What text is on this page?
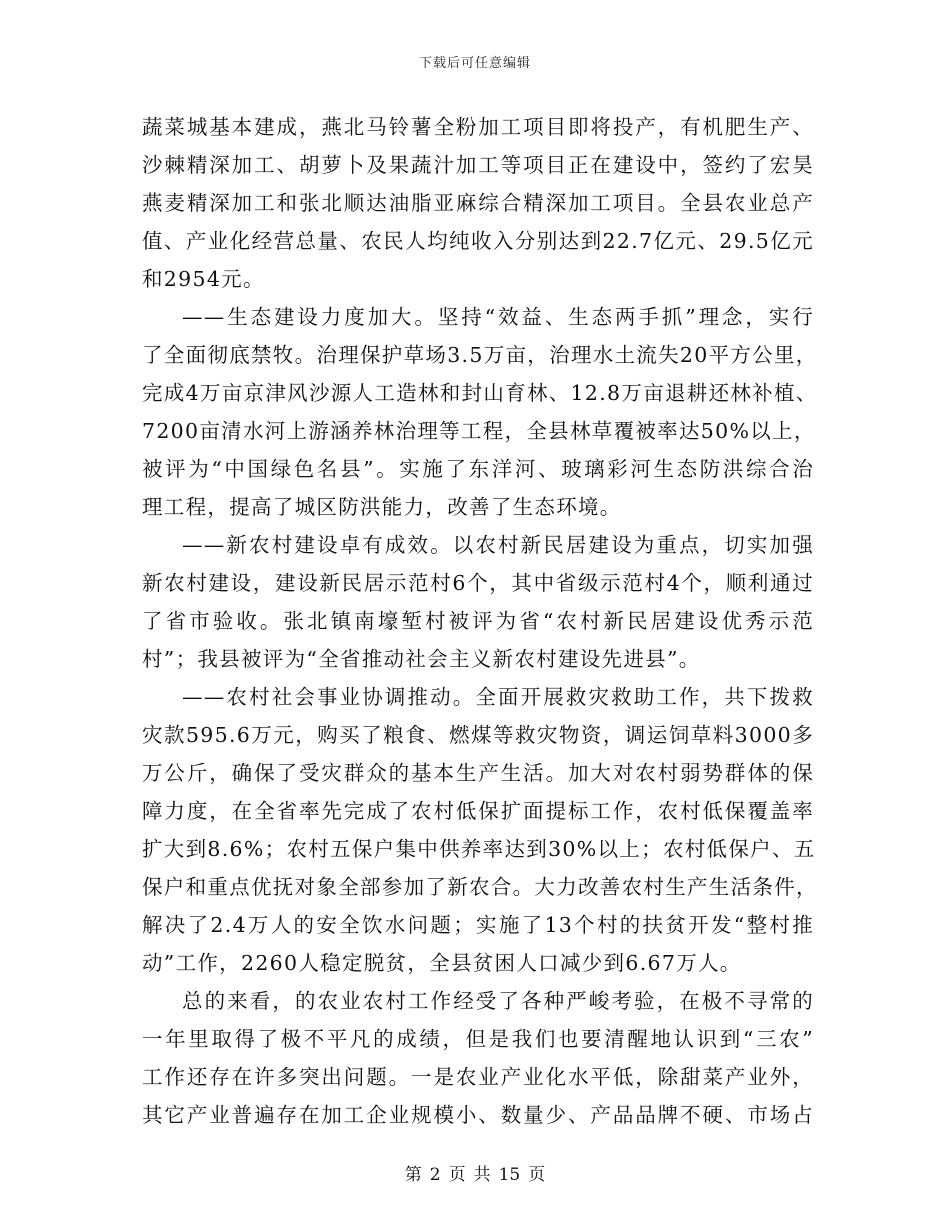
下载后可任意编辑
蔬菜城基本建成，燕北马铃薯全粉加工项目即将投产，有机肥生产、
沙棘精深加工、胡萝卜及果蔬汁加工等项目正在建设中，签约了宏昊
燕麦精深加工和张北顺达油脂亚麻综合精深加工项目。全县农业总产
值、产业化经营总量、农民人均纯收入分别达到22.7亿元、29.5亿元
和2954元。
——生态建设力度加大。坚持“效益、生态两手抓”理念，实行
了全面彻底禁牧。治理保护草场3.5万亩，治理水土流失20平方公里，
完成4万亩京津风沙源人工造林和封山育林、12.8万亩退耕还林补植、
7200亩清水河上游涵养林治理等工程，全县林草覆被率达50%以上，
被评为“中国绿色名县”。实施了东洋河、玻璃彩河生态防洪综合治
理工程，提高了城区防洪能力，改善了生态环境。
——新农村建设卓有成效。以农村新民居建设为重点，切实加强
新农村建设，建设新民居示范村6个，其中省级示范村4个，顺利通过
了省市验收。张北镇南壕堑村被评为省“农村新民居建设优秀示范
村”；我县被评为“全省推动社会主义新农村建设先进县”。
——农村社会事业协调推动。全面开展救灾救助工作，共下拨救
灾款595.6万元，购买了粮食、燃煤等救灾物资，调运饲草料3000多
万公斤，确保了受灾群众的基本生产生活。加大对农村弱势群体的保
障力度，在全省率先完成了农村低保扩面提标工作，农村低保覆盖率
扩大到8.6%；农村五保户集中供养率达到30%以上；农村低保户、五
保户和重点优抚对象全部参加了新农合。大力改善农村生产生活条件，
解决了2.4万人的安全饮水问题；实施了13个村的扶贫开发“整村推
动”工作，2260人稳定脱贫，全县贫困人口减少到6.67万人。
总的来看，的农业农村工作经受了各种严峻考验，在极不寻常的
一年里取得了极不平凡的成绩，但是我们也要清醒地认识到“三农”
工作还存在许多突出问题。一是农业产业化水平低，除甜菜产业外，
其它产业普遍存在加工企业规模小、数量少、产品品牌不硬、市场占
第 2 页 共 15 页
